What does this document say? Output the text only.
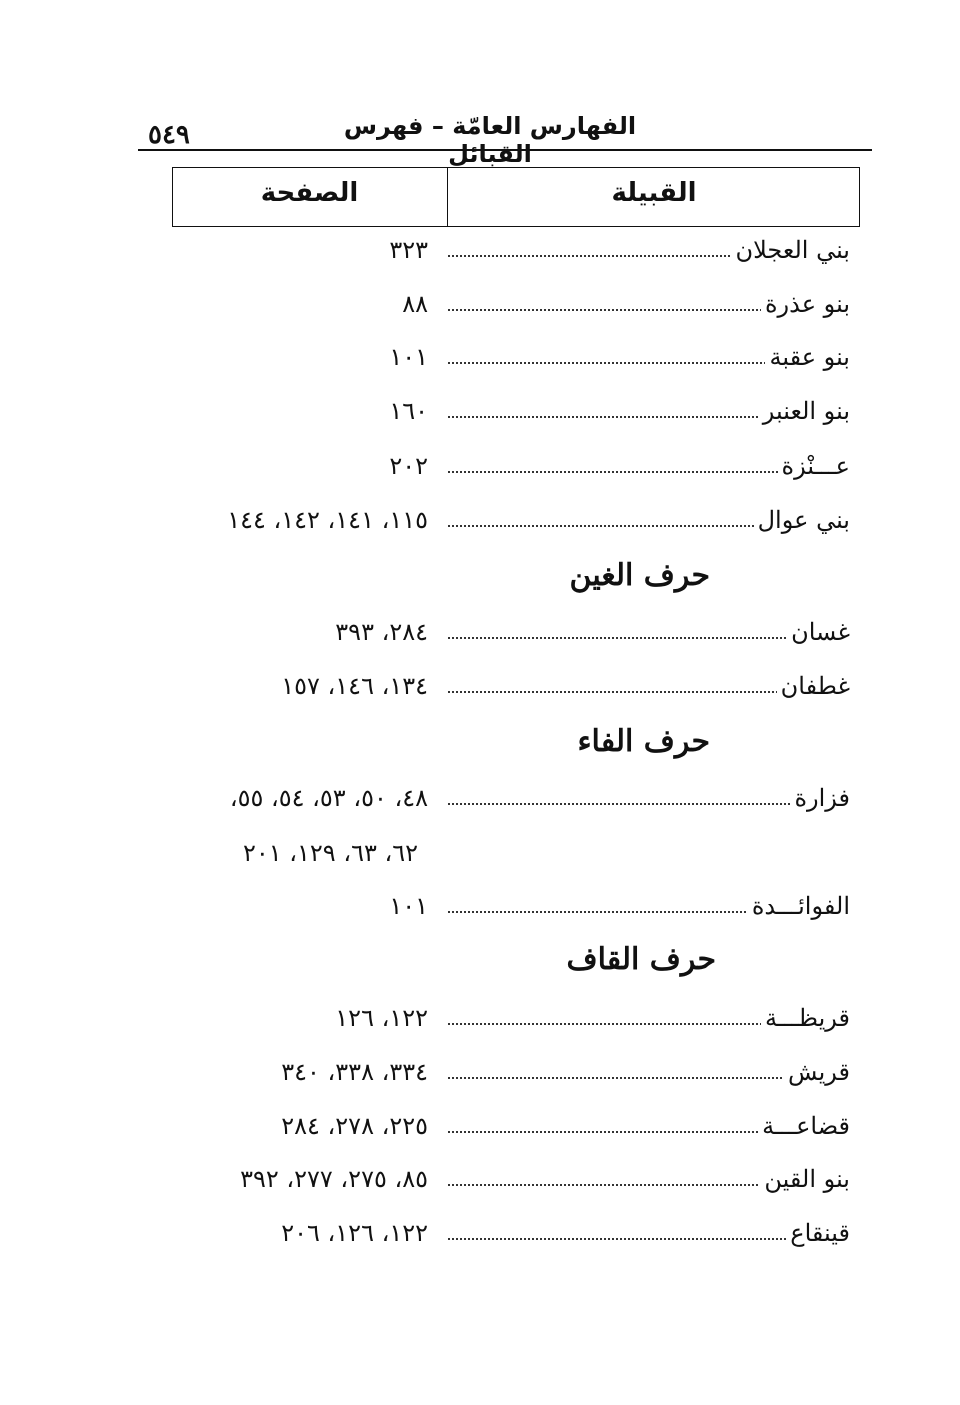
٥٤٩	الفهارس العامّة – فهرس القبائل
القبيلة
الصفحة
بني العجلان
٣٢٣
بنو عذرة
٨٨
بنو عقبة
١٠١
بنو العنبر
١٦٠
عـــنْزة
٢٠٢
بني عوال
١١٥، ١٤١، ١٤٢، ١٤٤
حرف الغين
غسان
٢٨٤، ٣٩٣
غطفان
١٣٤، ١٤٦، ١٥٧
حرف الفاء
فزارة
٤٨، ٥٠، ٥٣، ٥٤، ٥٥،
٦٢، ٦٣، ١٢٩، ٢٠١
الفوائـــدة
١٠١
حرف القاف
قريظـــة
١٢٢، ١٢٦
قريش
٣٣٤، ٣٣٨، ٣٤٠
قضاعـــة
٢٢٥، ٢٧٨، ٢٨٤
بنو القين
٨٥، ٢٧٥، ٢٧٧، ٣٩٢
قينقاع
١٢٢، ١٢٦، ٢٠٦
